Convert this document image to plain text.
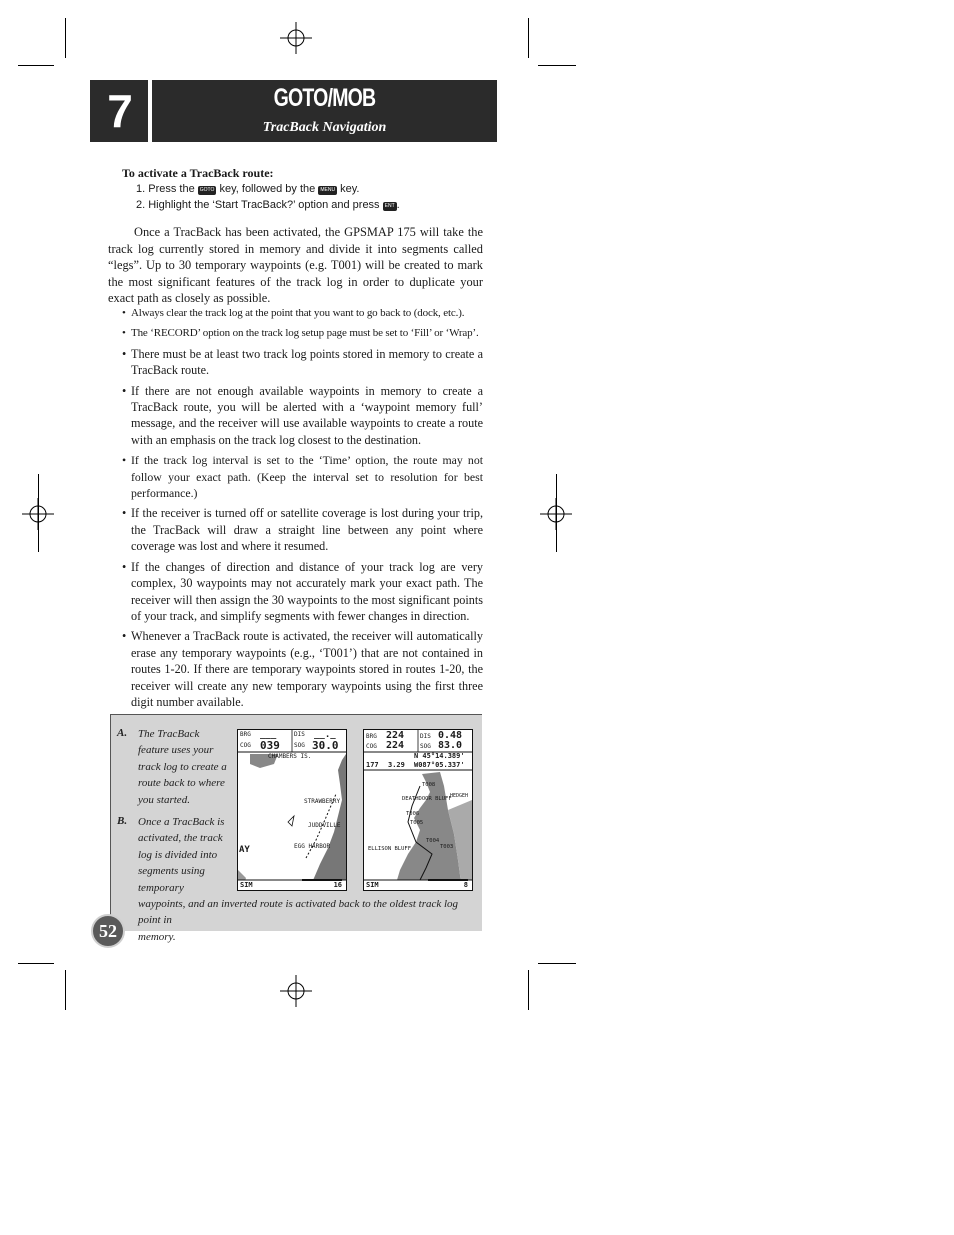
7	GOTO/MOB
TracBack Navigation
To activate a TracBack route:
1. Press the GOTO key, followed by the MENU key.
2. Highlight the ‘Start TracBack?’ option and press ENT .

Once a TracBack has been activated, the GPSMAP 175 will take the track log currently stored in memory and divide it into segments called “legs”. Up to 30 temporary waypoints (e.g. T001) will be created to mark the most significant features of the track log in order to duplicate your exact path as closely as possible.

• Always clear the track log at the point that you want to go back to (dock, etc.).
• The ‘RECORD’ option on the track log setup page must be set to ‘Fill’ or ‘Wrap’.
• There must be at least two track log points stored in memory to create a TracBack route.
• If there are not enough available waypoints in memory to create a TracBack route, you will be alerted with a ‘waypoint memory full’ message, and the receiver will use available waypoints to create a route with an emphasis on the track log closest to the destination.
• If the track log interval is set to the ‘Time’ option, the route may not follow your exact path. (Keep the interval set to resolution for best performance.)
• If the receiver is turned off or satellite coverage is lost during your trip, the TracBack will draw a straight line between any point where coverage was lost and where it resumed.
• If the changes of direction and distance of your track log are very complex, 30 waypoints may not accurately mark your exact path. The receiver will then assign the 30 waypoints to the most significant points of your track, and simplify segments with fewer changes in direction.
• Whenever a TracBack route is activated, the receiver will automatically erase any temporary waypoints (e.g., ‘T001’) that are not contained in routes 1-20. If there are temporary waypoints stored in routes 1-20, the receiver will create any new temporary waypoints using the first three digit number available.
A. The TracBack
feature uses your
track log to create a
route back to where
you started.
B. Once a TracBack is
activated, the track
log is divided into
segments using
temporary
waypoints, and an inverted route is activated back to the oldest track log point in
memory.
BRG ___	DIS __._
COG 039 SOG 30.0
CHAMBERS IS.
STRAWBERRY
JUDDVILLE
EGG HARBOR
AY
SIM	16
BRG 224	DIS 0.48
COG 224	SOG 83.0
N 45°14.389'
W087°05.337'
177 3.29
T008
DEATHDOOR BLUFF
HEDGEH
T006
T005
T004
ELLISON BLUFF	T003
SIM	8
52
